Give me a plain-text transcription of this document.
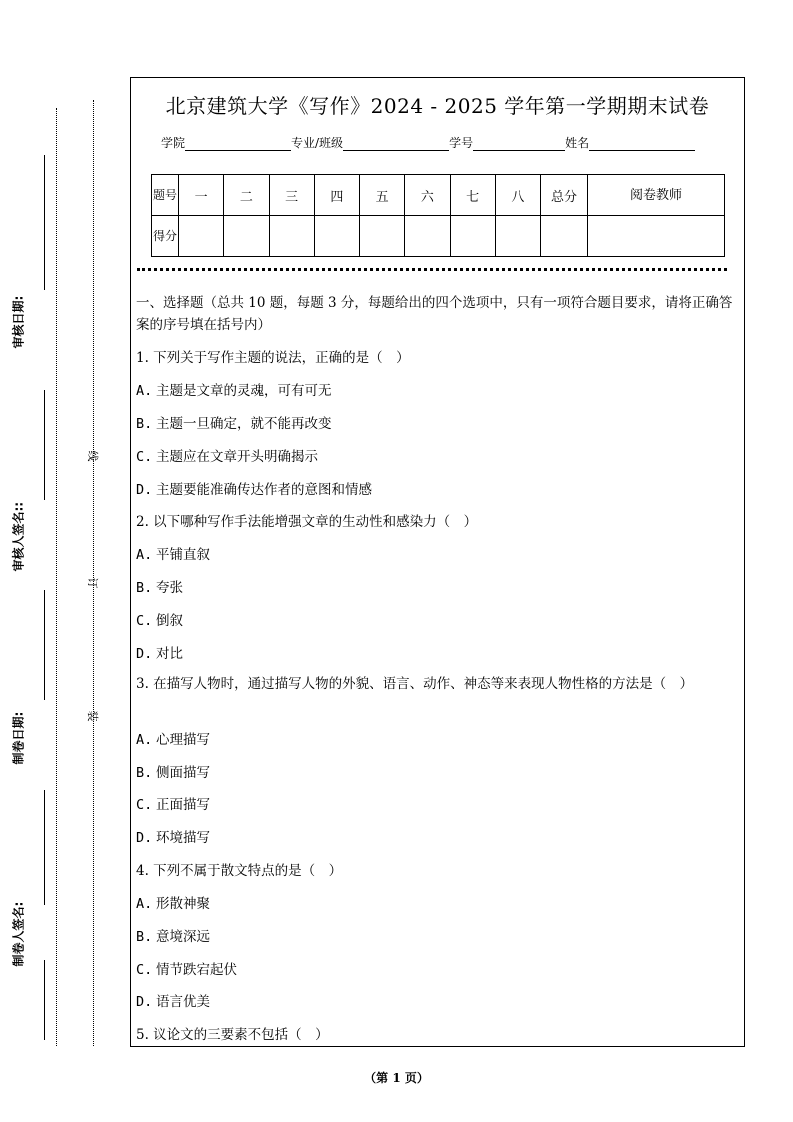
审核日期:
审核人签名::
制卷日期:
制卷人签名:
线
订
装
北京建筑大学《写作》2024 - 2025 学年第一学期期末试卷
学院	专业/班级	学号	姓名
题号	一	二	三	四	五	六	七	八	总分	阅卷教师
得分										
一、选择题（总共 10 题，每题 3 分，每题给出的四个选项中，只有一项符合题目要求，请将正确答案的序号填在括号内）
1. 下列关于写作主题的说法，正确的是（　）
A. 主题是文章的灵魂，可有可无
B. 主题一旦确定，就不能再改变
C. 主题应在文章开头明确揭示
D. 主题要能准确传达作者的意图和情感
2. 以下哪种写作手法能增强文章的生动性和感染力（　）
A. 平铺直叙
B. 夸张
C. 倒叙
D. 对比
3. 在描写人物时，通过描写人物的外貌、语言、动作、神态等来表现人物性格的方法是（　）
A. 心理描写
B. 侧面描写
C. 正面描写
D. 环境描写
4. 下列不属于散文特点的是（　）
A. 形散神聚
B. 意境深远
C. 情节跌宕起伏
D. 语言优美
5. 议论文的三要素不包括（　）
（第 1 页）
